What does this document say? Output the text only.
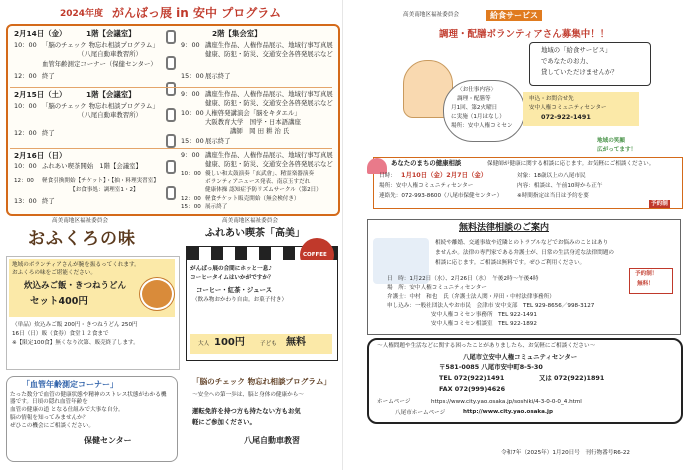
2024年度 がんばっ展 in 安中 プログラム
2月14日（金）	1階【会議室】
10：00 「脳のチェック 物忘れ相談プログラム」
（八尾自動車教習所）
血管年齢測定コーナー（保健センター）
12：00 終了
2階【集会室】
9：00 講座生作品、人権作品展示、地域行事写真展
健康、防犯・防災、交通安全各啓発展示など
15：00 展示終了
2月15日（土）	1階【会議室】
10：00 「脳のチェック 物忘れ相談プログラム」
（八尾自動車教習所）
12：00 終了
9：00 講座生作品、人権作品展示、地域行事写真展
健康、防犯・防災、交通安全各啓発展示など
10：00 人権啓発講演会「脳をキタエル」
大阪教育大学　国学・日本語講座
講師　岡 田 耕 治 氏
15：00 展示終了
2月16日（日）
10：00 ふれあい喫茶開始　1階【会議室】
12：00 軽食引換開始【チケット】・【抽・料理実習室】
【お食事処：調理室1・2】
13：00 終了
9：00 講座生作品、人権作品展示、地域行事写真展
健康、防犯・防災、交通安全各啓発展示など
10：00 優しい和太鼓演奏「玄武會」、精霊楽器演奏
ボランティアニュース発表、南京玉すだれ
健康体操 認知症予防リズムサークル（第2日）
12：00 軽食チケット販売開始（無会検付き）
15：00 展示終了
高美南地区福祉委員会
おふくろの味
地域のボランティアさんが腕を振るってくれます。
おふくろの味をご堪能ください。
炊込みご飯・きつねうどん
セット400円
（単品）炊込みご飯 200円・きつねうどん 250円
16日（日）販（食券）食堂１２食まで
※【限定100食】無くなり次第、販売終了します。
高美南地区福祉委員会
ふれあい喫茶「高美」
COFFEE
がんばっ展の合間にホッと一息♪
コーヒータイムはいかがですか？
コーヒー・紅茶・ジュース
（飲み物おかわり自由。お菓子付き）
大人 100円	子ども 無料
「血管年齢測定コーナー」
たった数分で血管の健康状態や精神のストレス状態がわかる機器です。日頃の隠れ血管年齢を
血管の健康の道 となる仕組みで大事な自分。
脳の情報を知ってみませんか？
ぜひこの機会にご相談ください。
保健センター
「脳のチェック 物忘れ相談プログラム」
〜安全への第一歩は、脳と身体の健康から〜
運転免許を持つ方も持たない方もお気
軽にご参加ください。
八尾自動車教習
高美南地区福祉委員会	給食サービス
調理・配膳ボランティアさん募集中！！
〈お仕事内容〉
調理・配膳等
月1回、第2火曜日
に実施（1月はなし）
場所：安中人権コミセン
地域の「給食サービス」
であなたのお力、
貸していただけませんか？
申込・お問合せ先
安中人権コミュニティセンター
072-922-1491
地域の笑顔
広がってます！
あなたのまちの健康相談	保健師が健康に関する相談に応じます。お気軽にご相談ください。
日時： 1月10日（金）2月7日（金）	対象：18歳以上の八尾市民
場所：安中人権コミュニティセンター	内容：相談は、午前10時から正午
連絡先：072-993-8600（八尾市保健センター）	※時間指定は当日は予約を要
予約制
無料法律相談のご案内
相続や離婚、交通事故や近隣とのトラブルなどでお悩みのことはあり
ませんか。法律の専門家である弁護士が、日常の生活身近な法律問題の
相談に応じます。ご相談は無料です。ぜひご利用ください。
日　時：1月22日（水）、2月26日（水）　午後2時〜午後4時
場　所：安中人権コミュニティセンター
弁護士：中村　和也　氏（弁護士法人関・岸田・中村法律事務所）
申し込み：一般社団法人やお市民　会津市 安中支部　TEL 929-8656／998-3127
安中人権コミセン事務所　TEL 922-1491
安中人権コミセン相談室　TEL 922-1892
予約制！
無料！
〜人権問題や生活などに関する困ったことがありましたら、お気軽にご相談ください〜
八尾市立安中人権コミュニティセンター
〒581-0085 八尾市安中町8-5-30
TEL 072(922)1491	又は 072(922)1891
FAX 072(999)4626
ホームページ	https://www.city.yao.osaka.jp/soshiki/4-3-0-0-0_4.html
八尾市ホームページ	http://www.city.yao.osaka.jp
令和7年（2025年）1月20日号　刊行物番号R6-22
